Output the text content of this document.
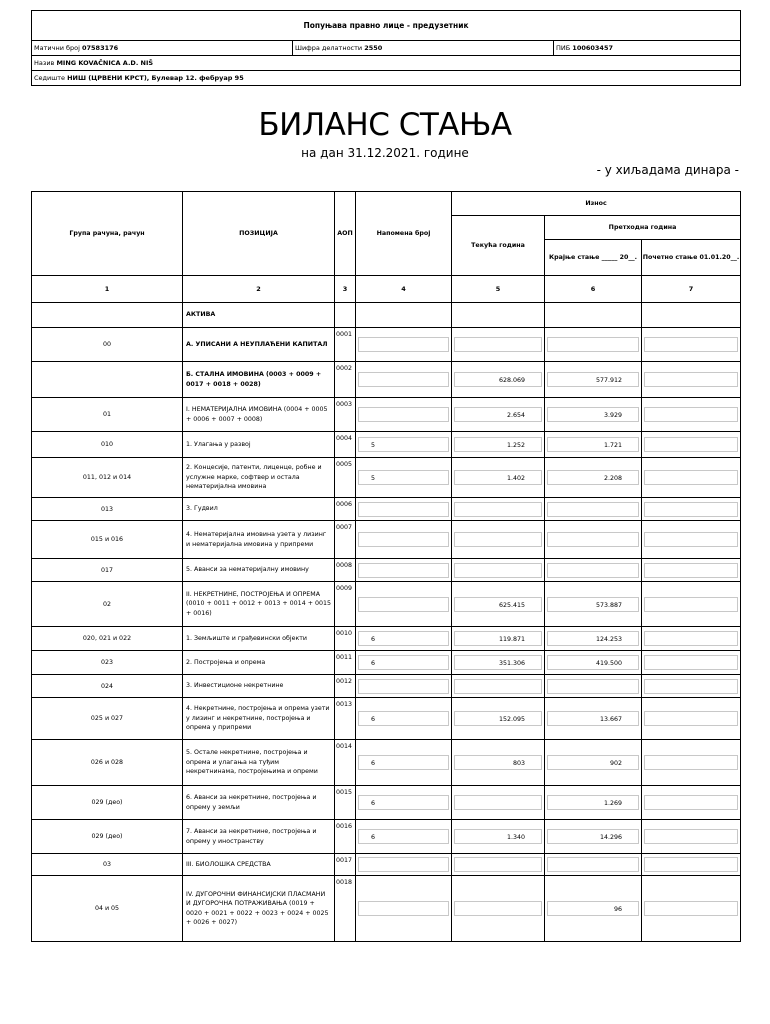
Попуњава правно лице - предузетник
Матични број 07583176	Шифра делатности 2550	ПИБ 100603457
Назив MING KOVAČNICA A.D. NIŠ
Седиште НИШ (ЦРВЕНИ КРСТ), Булевар 12. фебруар 95
БИЛАНС СТАЊА
на дан 31.12.2021. године
- у хиљадама динара -
Група рачуна, рачун	ПОЗИЦИЈА	АОП	Напомена број	Износ		
				Текућа година	Претходна година	
					Крајње стање _____ 20__.	Почетно стање 01.01.20__.
1	2	3	4	5	6	7
	АКТИВА					
00	А. УПИСАНИ А НЕУПЛАЋЕНИ КАПИТАЛ	0001	

	Б. СТАЛНА ИМОВИНА (0003 + 0009 + 0017 + 0018 + 0028)	0002		628.069	577.912	

01	I. НЕМАТЕРИЈАЛНА ИМОВИНА (0004 + 0005 + 0006 + 0007 + 0008)	0003		2.654	3.929	

010	1. Улагања у развој	0004	5	1.252	1.721	

011, 012 и 014	2. Концесије, патенти, лиценце, робне и услужне марке, софтвер и остала нематеријална имовина	0005	5	1.402	2.208	

013	3. Гудвил	0006	

015 и 016	4. Нематеријална имовина узета у лизинг и нематеријална имовина у припреми	0007	

017	5. Аванси за нематеријалну имовину	0008	

02	II. НЕКРЕТНИНЕ, ПОСТРОЈЕЊА И ОПРЕМА (0010 + 0011 + 0012 + 0013 + 0014 + 0015 + 0016)	0009		625.415	573.887	

020, 021 и 022	1. Земљиште и грађевински објекти	0010	6	119.871	124.253	

023	2. Постројења и опрема	0011	6	351.306	419.500	

024	3. Инвестиционе некретнине	0012	

025 и 027	4. Некретнине, постројења и опрема узети у лизинг и некретнине, постројења и опрема у припреми	0013	6	152.095	13.667	

026 и 028	5. Остале некретнине, постројења и опрема и улагања на туђим некретнинама, постројењима и опреми	0014	6	803	902	

029 (део)	6. Аванси за некретнине, постројења и опрему у земљи	0015	6		1.269	

029 (део)	7. Аванси за некретнине, постројења и опрему у иностранству	0016	6	1.340	14.296	

03	III. БИОЛОШКА СРЕДСТВА	0017	

04 и 05	IV. ДУГОРОЧНИ ФИНАНСИЈСКИ ПЛАСМАНИ И ДУГОРОЧНА ПОТРАЖИВАЊА (0019 + 0020 + 0021 + 0022 + 0023 + 0024 + 0025 + 0026 + 0027)	0018			96	
